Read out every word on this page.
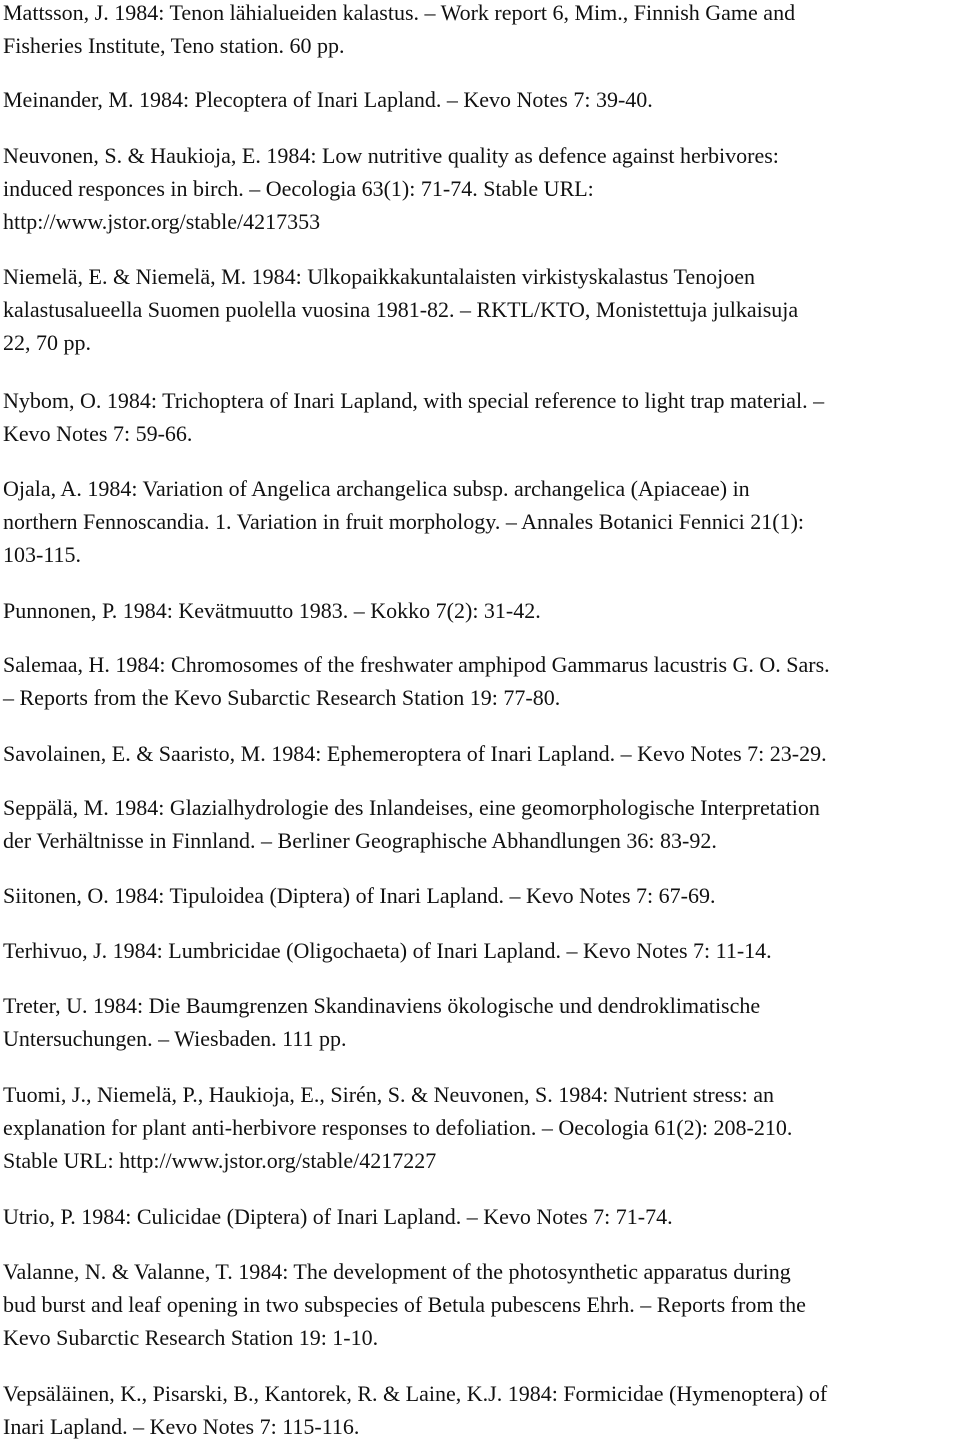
Mattsson, J. 1984: Tenon lähialueiden kalastus. – Work report 6, Mim., Finnish Game and
Fisheries Institute, Teno station. 60 pp.
Meinander, M. 1984: Plecoptera of Inari Lapland. – Kevo Notes 7: 39-40.
Neuvonen, S. & Haukioja, E. 1984: Low nutritive quality as defence against herbivores:
induced responces in birch. – Oecologia 63(1): 71-74. Stable URL:
http://www.jstor.org/stable/4217353
Niemelä, E. & Niemelä, M. 1984: Ulkopaikkakuntalaisten virkistyskalastus Tenojoen
kalastusalueella Suomen puolella vuosina 1981-82. – RKTL/KTO, Monistettuja julkaisuja
22, 70 pp.
Nybom, O. 1984: Trichoptera of Inari Lapland, with special reference to light trap material. –
Kevo Notes 7: 59-66.
Ojala, A. 1984: Variation of Angelica archangelica subsp. archangelica (Apiaceae) in
northern Fennoscandia. 1. Variation in fruit morphology. – Annales Botanici Fennici 21(1):
103-115.
Punnonen, P. 1984: Kevätmuutto 1983. – Kokko 7(2): 31-42.
Salemaa, H. 1984: Chromosomes of the freshwater amphipod Gammarus lacustris G. O. Sars.
– Reports from the Kevo Subarctic Research Station 19: 77-80.
Savolainen, E. & Saaristo, M. 1984: Ephemeroptera of Inari Lapland. – Kevo Notes 7: 23-29.
Seppälä, M. 1984: Glazialhydrologie des Inlandeises, eine geomorphologische Interpretation
der Verhältnisse in Finnland. – Berliner Geographische Abhandlungen 36: 83-92.
Siitonen, O. 1984: Tipuloidea (Diptera) of Inari Lapland. – Kevo Notes 7: 67-69.
Terhivuo, J. 1984: Lumbricidae (Oligochaeta) of Inari Lapland. – Kevo Notes 7: 11-14.
Treter, U. 1984: Die Baumgrenzen Skandinaviens ökologische und dendroklimatische
Untersuchungen. – Wiesbaden. 111 pp.
Tuomi, J., Niemelä, P., Haukioja, E., Sirén, S. & Neuvonen, S. 1984: Nutrient stress: an
explanation for plant anti-herbivore responses to defoliation. – Oecologia 61(2): 208-210.
Stable URL: http://www.jstor.org/stable/4217227
Utrio, P. 1984: Culicidae (Diptera) of Inari Lapland. – Kevo Notes 7: 71-74.
Valanne, N. & Valanne, T. 1984: The development of the photosynthetic apparatus during
bud burst and leaf opening in two subspecies of Betula pubescens Ehrh. – Reports from the
Kevo Subarctic Research Station 19: 1-10.
Vepsäläinen, K., Pisarski, B., Kantorek, R. & Laine, K.J. 1984: Formicidae (Hymenoptera) of
Inari Lapland. – Kevo Notes 7: 115-116.
